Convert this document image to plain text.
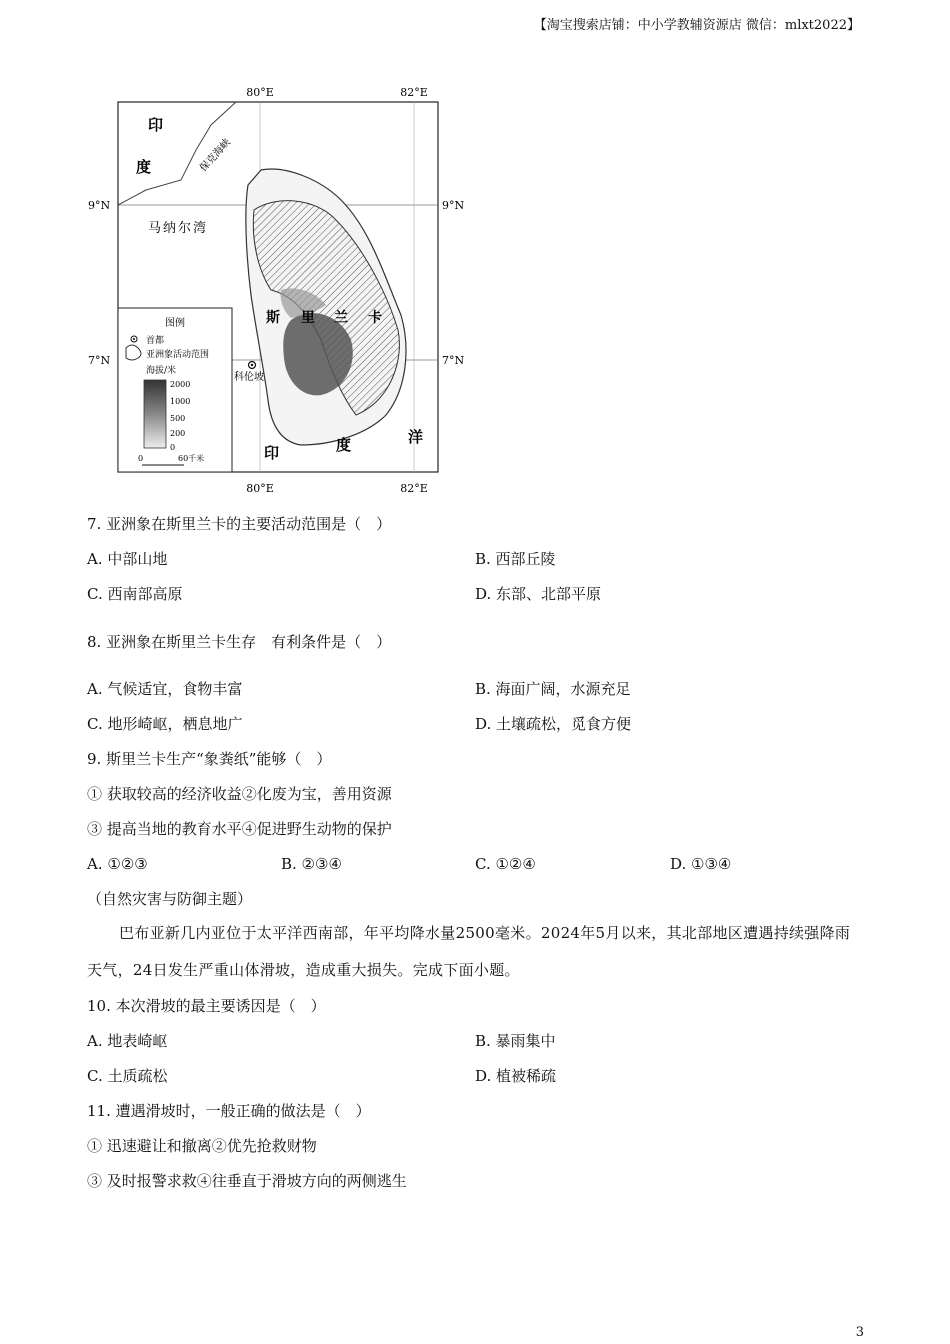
【淘宝搜索店铺：中小学教辅资源店 微信：mlxt2022】
80°E	82°E
80°E	82°E
9°N
7°N
9°N
7°N
印
度	保克海峡
马纳尔湾
斯 里 兰 卡
印	度	洋
科伦坡
图例
首都
亚洲象活动范围
海拔/米
2000
1000
500
200
0
0	60千米
7. 亚洲象在斯里兰卡的主要活动范围是（　）
A. 中部山地	B. 西部丘陵
C. 西南部高原	D. 东部、北部平原
8. 亚洲象在斯里兰卡生存　有利条件是（　）
A. 气候适宜，食物丰富	B. 海面广阔，水源充足
C. 地形崎岖，栖息地广	D. 土壤疏松，觅食方便
9. 斯里兰卡生产“象粪纸”能够（　）
① 获取较高的经济收益②化废为宝，善用资源
③ 提高当地的教育水平④促进野生动物的保护
A. ①②③	B. ②③④	C. ①②④	D. ①③④
（自然灾害与防御主题）
巴布亚新几内亚位于太平洋西南部，年平均降水量2500毫米。2024年5月以来，其北部地区遭遇持续强降雨天气，24日发生严重山体滑坡，造成重大损失。完成下面小题。
10. 本次滑坡的最主要诱因是（　）
A. 地表崎岖	B. 暴雨集中
C. 土质疏松	D. 植被稀疏
11. 遭遇滑坡时，一般正确的做法是（　）
① 迅速避让和撤离②优先抢救财物
③ 及时报警求救④往垂直于滑坡方向的两侧逃生
3
